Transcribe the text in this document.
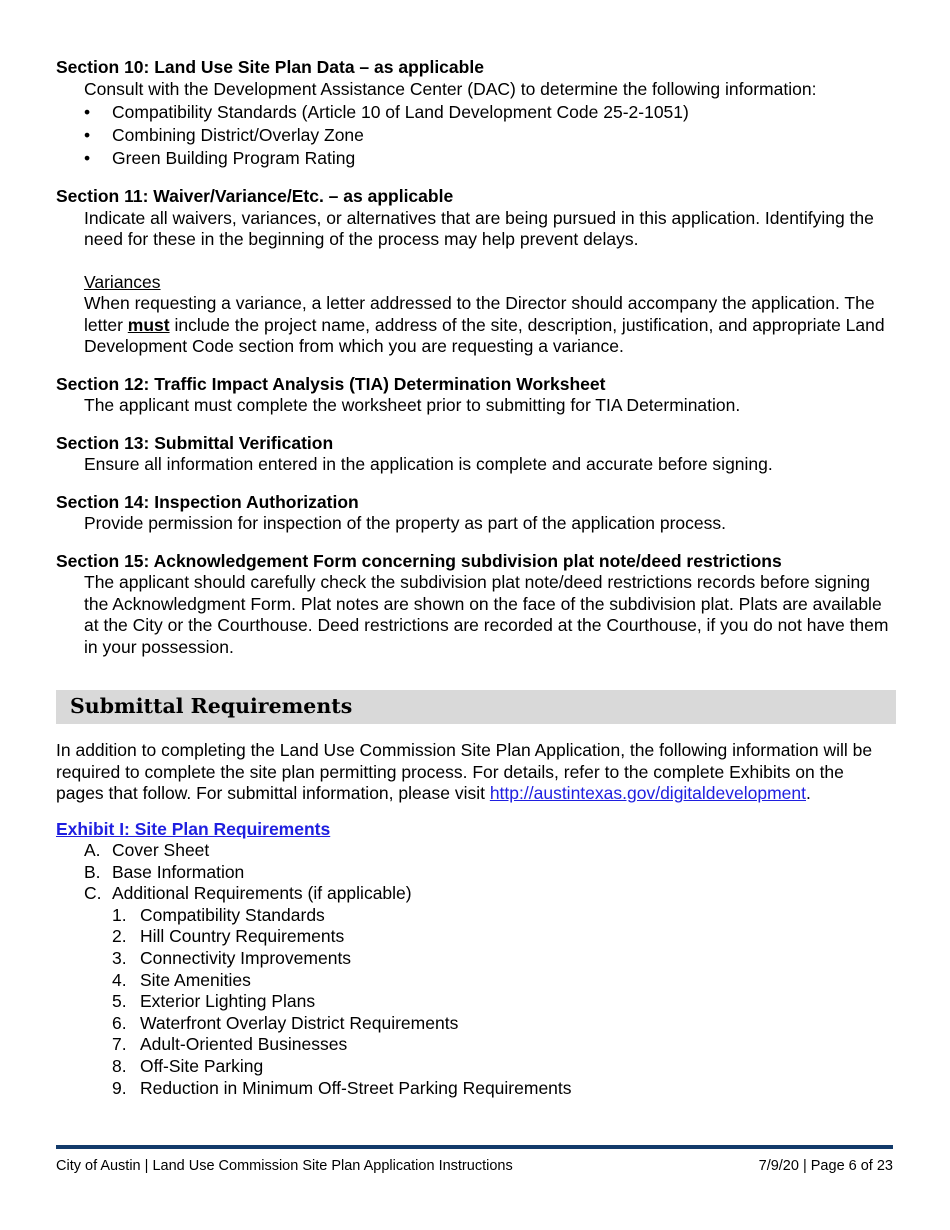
Section 10: Land Use Site Plan Data – as applicable
Consult with the Development Assistance Center (DAC) to determine the following information:
• Compatibility Standards (Article 10 of Land Development Code 25-2-1051)
• Combining District/Overlay Zone
• Green Building Program Rating
Section 11: Waiver/Variance/Etc. – as applicable
Indicate all waivers, variances, or alternatives that are being pursued in this application. Identifying the need for these in the beginning of the process may help prevent delays.
Variances
When requesting a variance, a letter addressed to the Director should accompany the application. The letter must include the project name, address of the site, description, justification, and appropriate Land Development Code section from which you are requesting a variance.
Section 12: Traffic Impact Analysis (TIA) Determination Worksheet
The applicant must complete the worksheet prior to submitting for TIA Determination.
Section 13: Submittal Verification
Ensure all information entered in the application is complete and accurate before signing.
Section 14: Inspection Authorization
Provide permission for inspection of the property as part of the application process.
Section 15: Acknowledgement Form concerning subdivision plat note/deed restrictions
The applicant should carefully check the subdivision plat note/deed restrictions records before signing the Acknowledgment Form. Plat notes are shown on the face of the subdivision plat. Plats are available at the City or the Courthouse. Deed restrictions are recorded at the Courthouse, if you do not have them in your possession.
Submittal Requirements
In addition to completing the Land Use Commission Site Plan Application, the following information will be required to complete the site plan permitting process. For details, refer to the complete Exhibits on the pages that follow. For submittal information, please visit http://austintexas.gov/digitaldevelopment.
Exhibit I: Site Plan Requirements
A. Cover Sheet
B. Base Information
C. Additional Requirements (if applicable)
1. Compatibility Standards
2. Hill Country Requirements
3. Connectivity Improvements
4. Site Amenities
5. Exterior Lighting Plans
6. Waterfront Overlay District Requirements
7. Adult-Oriented Businesses
8. Off-Site Parking
9. Reduction in Minimum Off-Street Parking Requirements
City of Austin | Land Use Commission Site Plan Application Instructions	7/9/20 | Page 6 of 23
